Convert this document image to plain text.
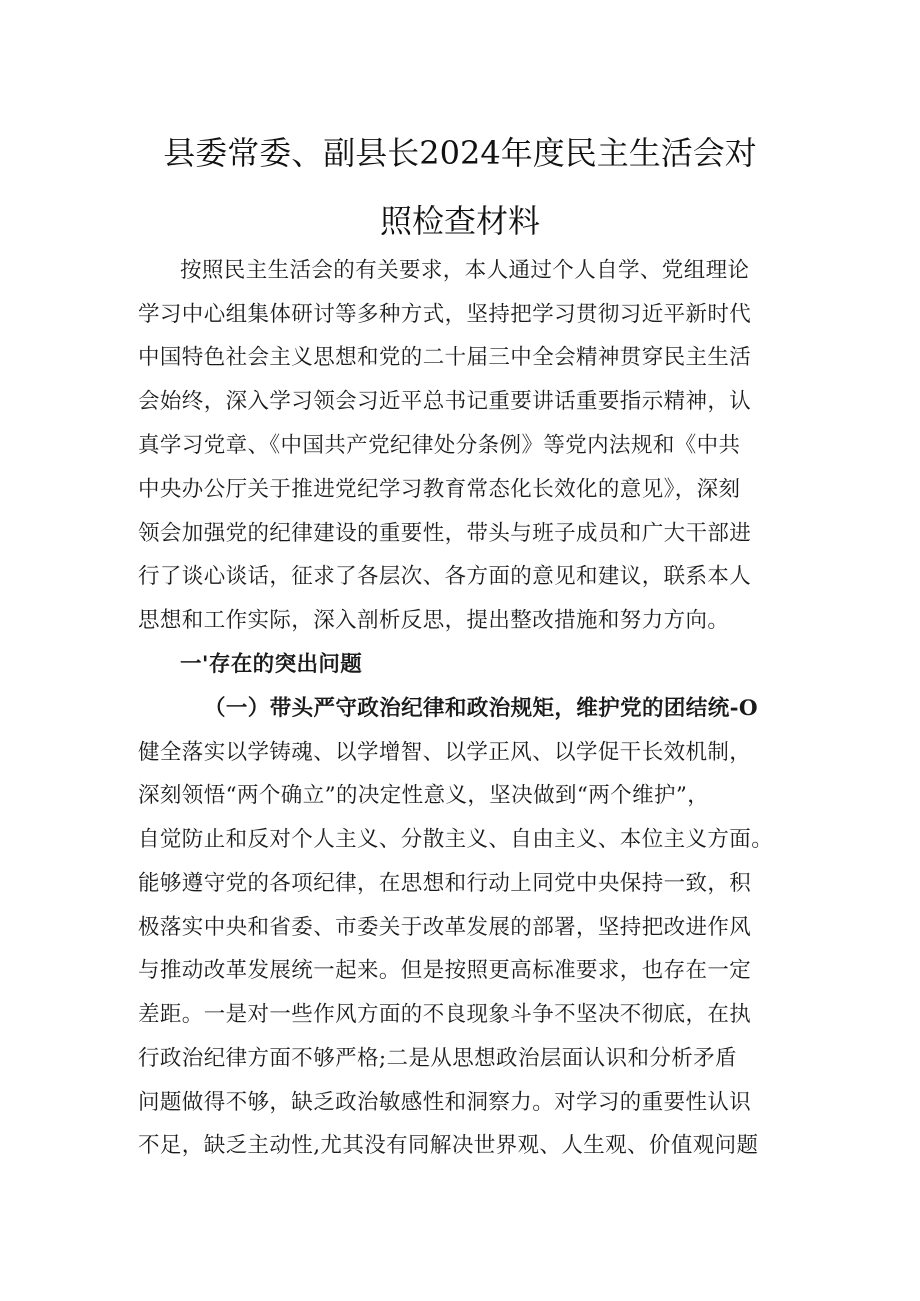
县委常委、副县长2024年度民主生活会对
照检查材料
按照民主生活会的有关要求，本人通过个人自学、党组理论
学习中心组集体研讨等多种方式，坚持把学习贯彻习近平新时代
中国特色社会主义思想和党的二十届三中全会精神贯穿民主生活
会始终，深入学习领会习近平总书记重要讲话重要指示精神，认
真学习党章、《中国共产党纪律处分条例》等党内法规和《中共
中央办公厅关于推进党纪学习教育常态化长效化的意见》，深刻
领会加强党的纪律建设的重要性，带头与班子成员和广大干部进
行了谈心谈话，征求了各层次、各方面的意见和建议，联系本人
思想和工作实际，深入剖析反思，提出整改措施和努力方向。
一'存在的突出问题
（一）带头严守政治纪律和政治规矩，维护党的团结统-O
健全落实以学铸魂、以学增智、以学正风、以学促干长效机制，
深刻领悟“两个确立”的决定性意义，坚决做到“两个维护”，
自觉防止和反对个人主义、分散主义、自由主义、本位主义方面。
能够遵守党的各项纪律，在思想和行动上同党中央保持一致，积
极落实中央和省委、市委关于改革发展的部署，坚持把改进作风
与推动改革发展统一起来。但是按照更高标准要求，也存在一定
差距。一是对一些作风方面的不良现象斗争不坚决不彻底，在执
行政治纪律方面不够严格;二是从思想政治层面认识和分析矛盾
问题做得不够，缺乏政治敏感性和洞察力。对学习的重要性认识
不足，缺乏主动性,尤其没有同解决世界观、人生观、价值观问题
